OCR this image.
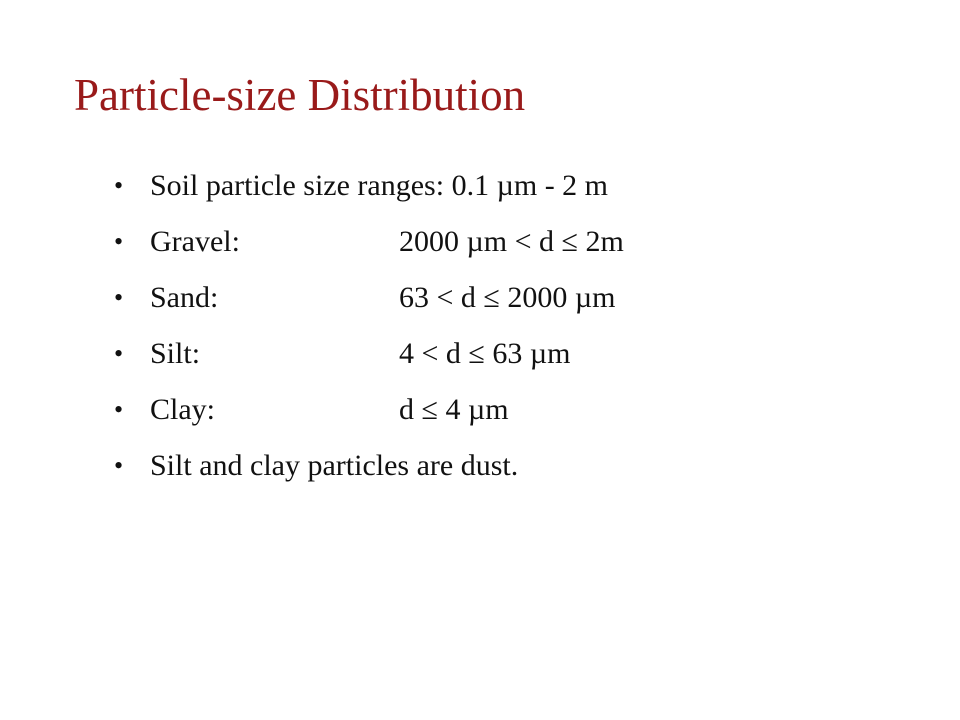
Particle-size Distribution
• Soil particle size ranges: 0.1 µm - 2 m
• Gravel:	2000 µm < d ≤ 2m
• Sand:	63 < d ≤ 2000 µm
• Silt:	4 < d ≤ 63 µm
• Clay:	d ≤ 4 µm
• Silt and clay particles are dust.
